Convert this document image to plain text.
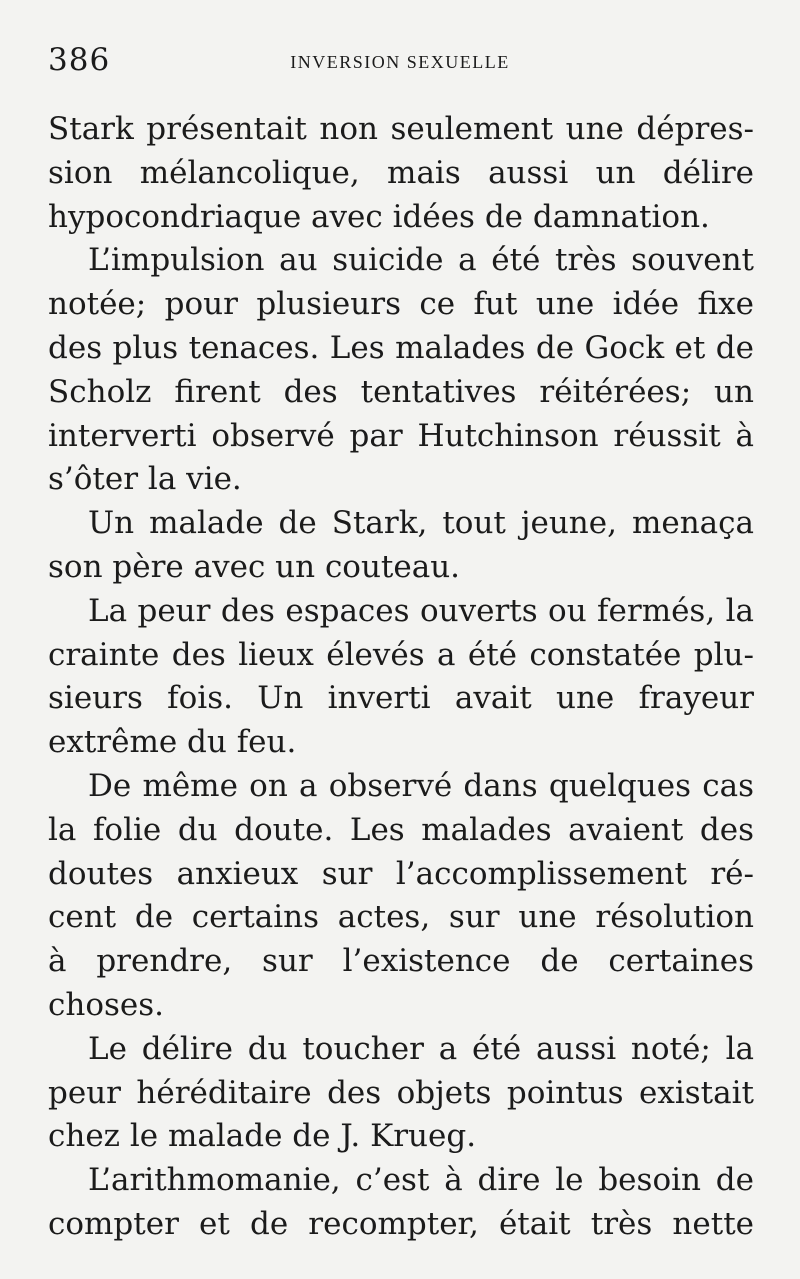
386	INVERSION SEXUELLE
Stark présentait non seulement une dépres-
sion mélancolique, mais aussi un délire
hypocondriaque avec idées de damnation.
L’impulsion au suicide a été très souvent
notée; pour plusieurs ce fut une idée fixe
des plus tenaces. Les malades de Gock et de
Scholz firent des tentatives réitérées; un
interverti observé par Hutchinson réussit à
s’ôter la vie.
Un malade de Stark, tout jeune, menaça
son père avec un couteau.
La peur des espaces ouverts ou fermés, la
crainte des lieux élevés a été constatée plu-
sieurs fois. Un inverti avait une frayeur
extrême du feu.
De même on a observé dans quelques cas
la folie du doute. Les malades avaient des
doutes anxieux sur l’accomplissement ré-
cent de certains actes, sur une résolution
à prendre, sur l’existence de certaines
choses.
Le délire du toucher a été aussi noté; la
peur héréditaire des objets pointus existait
chez le malade de J. Krueg.
L’arithmomanie, c’est à dire le besoin de
compter et de recompter, était très nette
